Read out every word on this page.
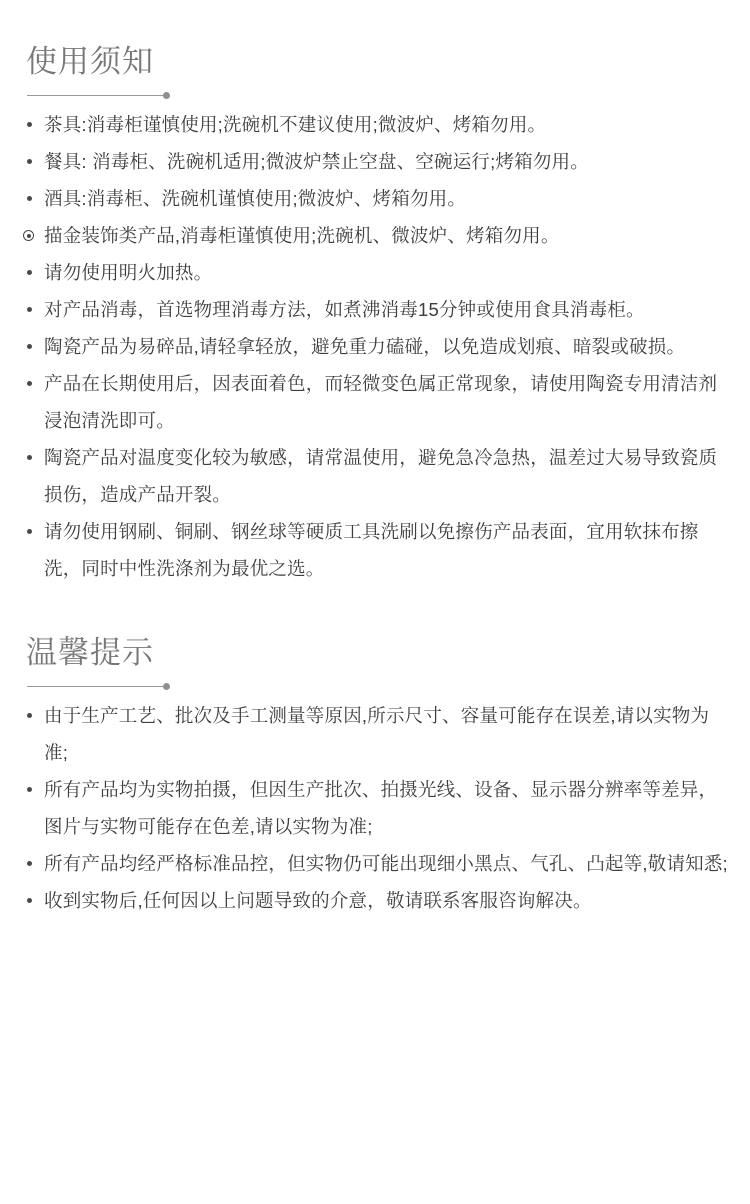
使用须知
茶具:消毒柜谨慎使用;洗碗机不建议使用;微波炉、烤箱勿用。
餐具: 消毒柜、洗碗机适用;微波炉禁止空盘、空碗运行;烤箱勿用。
酒具:消毒柜、洗碗机谨慎使用;微波炉、烤箱勿用。
描金装饰类产品,消毒柜谨慎使用;洗碗机、微波炉、烤箱勿用。
请勿使用明火加热。
对产品消毒，首选物理消毒方法，如煮沸消毒15分钟或使用食具消毒柜。
陶瓷产品为易碎品,请轻拿轻放，避免重力磕碰，以免造成划痕、暗裂或破损。
产品在长期使用后，因表面着色，而轻微变色属正常现象，请使用陶瓷专用清洁剂浸泡清洗即可。
陶瓷产品对温度变化较为敏感，请常温使用，避免急冷急热，温差过大易导致瓷质损伤，造成产品开裂。
请勿使用钢刷、铜刷、钢丝球等硬质工具洗刷以免擦伤产品表面，宜用软抹布擦洗，同时中性洗涤剂为最优之选。
温馨提示
由于生产工艺、批次及手工测量等原因,所示尺寸、容量可能存在误差,请以实物为准;
所有产品均为实物拍摄，但因生产批次、拍摄光线、设备、显示器分辨率等差异，图片与实物可能存在色差,请以实物为准;
所有产品均经严格标准品控，但实物仍可能出现细小黑点、气孔、凸起等,敬请知悉;
收到实物后,任何因以上问题导致的介意，敬请联系客服咨询解决。
